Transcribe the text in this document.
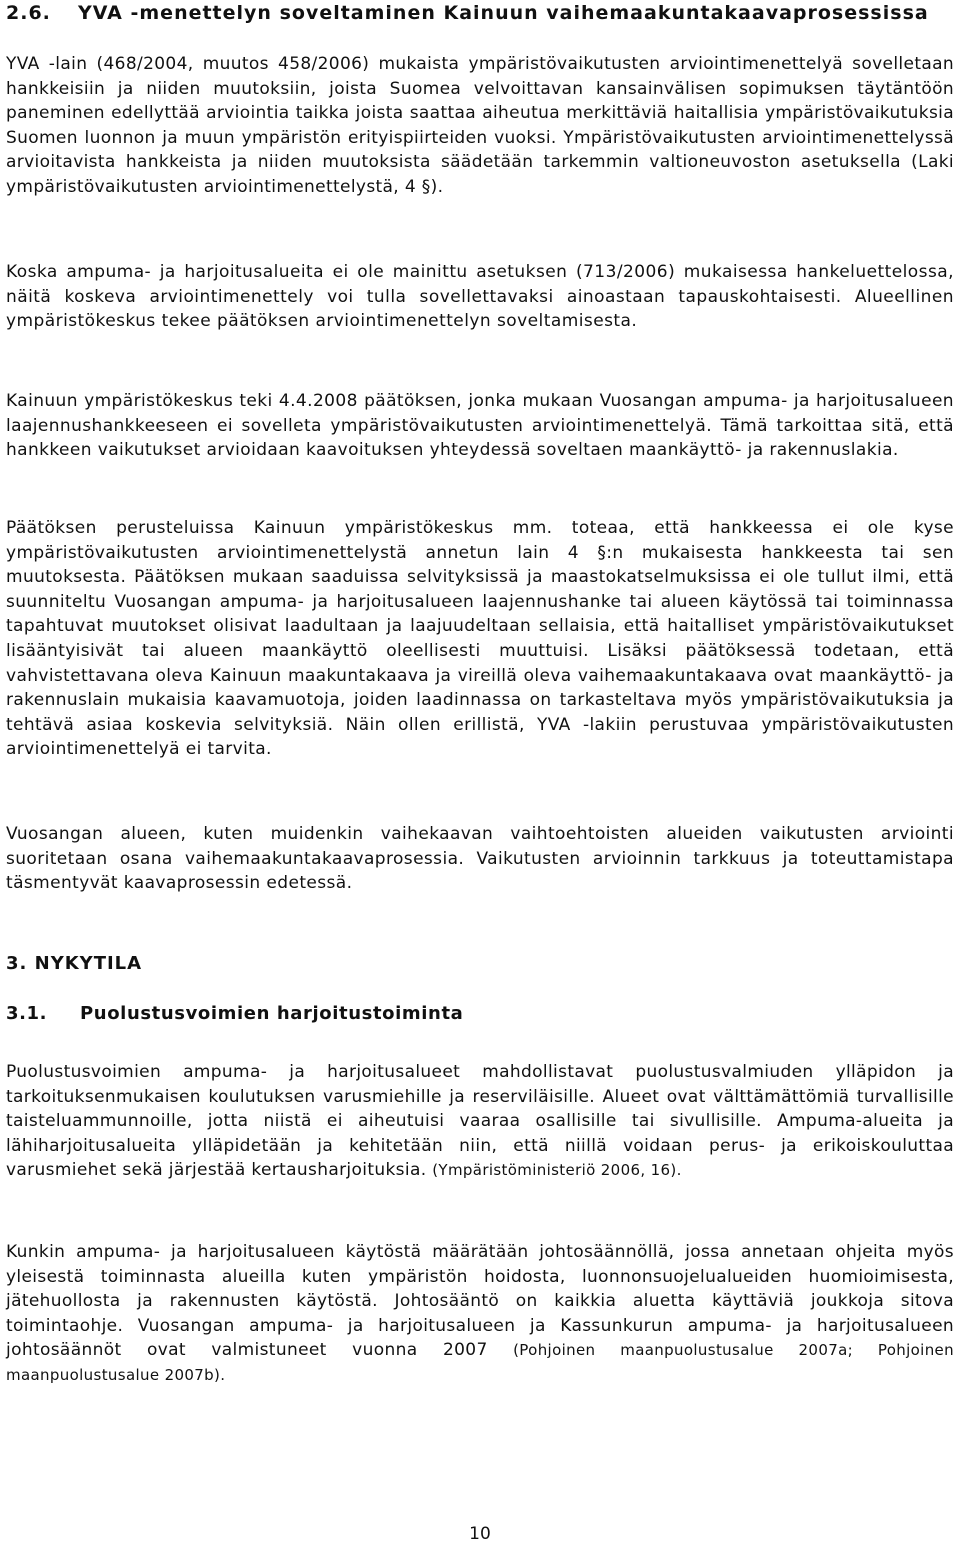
2.6. YVA -menettelyn soveltaminen Kainuun vaihemaakuntakaavaprosessissa

YVA -lain (468/2004, muutos 458/2006) mukaista ympäristövaikutusten arviointimenettelyä sovelletaan hankkeisiin ja niiden muutoksiin, joista Suomea velvoittavan kansainvälisen sopimuksen täytäntöön paneminen edellyttää arviointia taikka joista saattaa aiheutua merkittäviä haitallisia ympäristövaikutuksia Suomen luonnon ja muun ympäristön erityispiirteiden vuoksi. Ympäristövaikutusten arviointimenettelyssä arvioitavista hankkeista ja niiden muutoksista säädetään tarkemmin valtioneuvoston asetuksella (Laki ympäristövaikutusten arviointimenettelystä, 4 §).

Koska ampuma- ja harjoitusalueita ei ole mainittu asetuksen (713/2006) mukaisessa hankeluettelossa, näitä koskeva arviointimenettely voi tulla sovellettavaksi ainoastaan tapauskohtaisesti. Alueellinen ympäristökeskus tekee päätöksen arviointimenettelyn soveltamisesta.

Kainuun ympäristökeskus teki 4.4.2008 päätöksen, jonka mukaan Vuosangan ampuma- ja harjoitusalueen laajennushankkeeseen ei sovelleta ympäristövaikutusten arviointimenettelyä. Tämä tarkoittaa sitä, että hankkeen vaikutukset arvioidaan kaavoituksen yhteydessä soveltaen maankäyttö- ja rakennuslakia.

Päätöksen perusteluissa Kainuun ympäristökeskus mm. toteaa, että hankkeessa ei ole kyse ympäristövaikutusten arviointimenettelystä annetun lain 4 §:n mukaisesta hankkeesta tai sen muutoksesta. Päätöksen mukaan saaduissa selvityksissä ja maastokatselmuksissa ei ole tullut ilmi, että suunniteltu Vuosangan ampuma- ja harjoitusalueen laajennushanke tai alueen käytössä tai toiminnassa tapahtuvat muutokset olisivat laadultaan ja laajuudeltaan sellaisia, että haitalliset ympäristövaikutukset lisääntyisivät tai alueen maankäyttö oleellisesti muuttuisi. Lisäksi päätöksessä todetaan, että vahvistettavana oleva Kainuun maakuntakaava ja vireillä oleva vaihemaakuntakaava ovat maankäyttö- ja rakennuslain mukaisia kaavamuotoja, joiden laadinnassa on tarkasteltava myös ympäristövaikutuksia ja tehtävä asiaa koskevia selvityksiä. Näin ollen erillistä, YVA -lakiin perustuvaa ympäristövaikutusten arviointimenettelyä ei tarvita.

Vuosangan alueen, kuten muidenkin vaihekaavan vaihtoehtoisten alueiden vaikutusten arviointi suoritetaan osana vaihemaakuntakaavaprosessia. Vaikutusten arvioinnin tarkkuus ja toteuttamistapa täsmentyvät kaavaprosessin edetessä.

3. NYKYTILA
3.1. Puolustusvoimien harjoitustoiminta

Puolustusvoimien ampuma- ja harjoitusalueet mahdollistavat puolustusvalmiuden ylläpidon ja tarkoituksenmukaisen koulutuksen varusmiehille ja reserviläisille. Alueet ovat välttämättömiä turvallisille taisteluammunnoille, jotta niistä ei aiheutuisi vaaraa osallisille tai sivullisille. Ampuma-alueita ja lähiharjoitusalueita ylläpidetään ja kehitetään niin, että niillä voidaan perus- ja erikoiskouluttaa varusmiehet sekä järjestää kertausharjoituksia. (Ympäristöministeriö 2006, 16).

Kunkin ampuma- ja harjoitusalueen käytöstä määrätään johtosäännöllä, jossa annetaan ohjeita myös yleisestä toiminnasta alueilla kuten ympäristön hoidosta, luonnonsuojelualueiden huomioimisesta, jätehuollosta ja rakennusten käytöstä. Johtosääntö on kaikkia aluetta käyttäviä joukkoja sitova toimintaohje. Vuosangan ampuma- ja harjoitusalueen ja Kassunkurun ampuma- ja harjoitusalueen johtosäännöt ovat valmistuneet vuonna 2007 (Pohjoinen maanpuolustusalue 2007a; Pohjoinen maanpuolustusalue 2007b).

10
